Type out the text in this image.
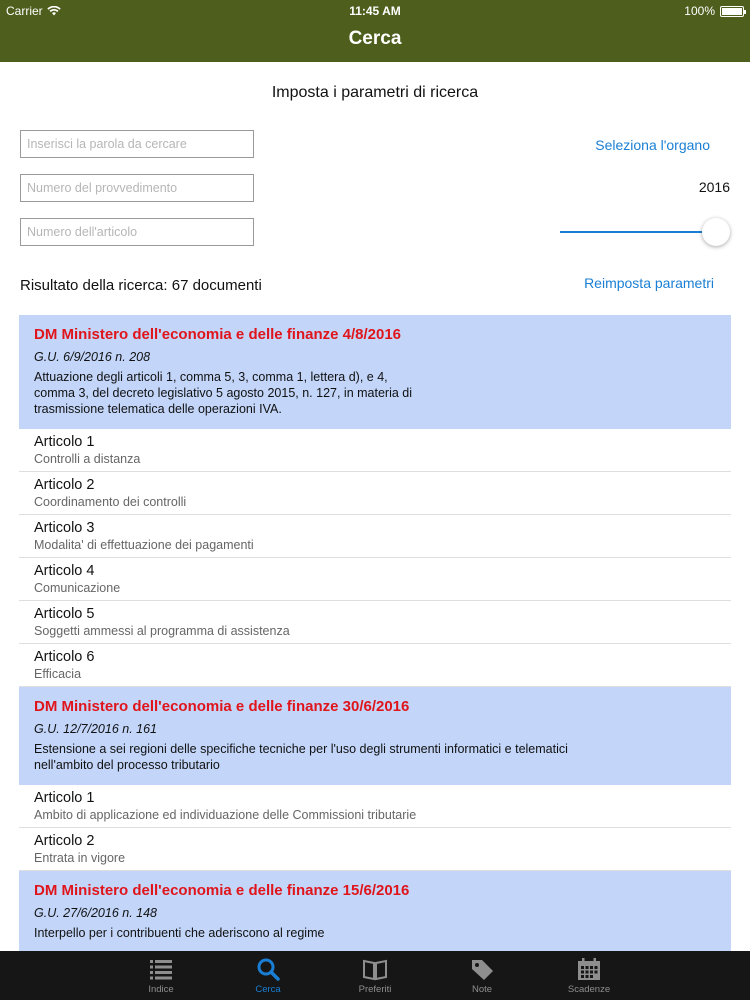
Carrier	11:45 AM	100%
Cerca
Imposta i parametri di ricerca
Inserisci la parola da cercare
Numero del provvedimento
Numero dell'articolo
Seleziona l'organo
2016
Risultato della ricerca: 67 documenti	Reimposta parametri
DM Ministero dell'economia e delle finanze 4/8/2016
G.U. 6/9/2016 n. 208
Attuazione degli articoli 1, comma 5, 3, comma 1, lettera d), e 4,
comma 3, del decreto legislativo 5 agosto 2015, n. 127, in materia di
trasmissione telematica delle operazioni IVA.
Articolo 1
Controlli a distanza
Articolo 2
Coordinamento dei controlli
Articolo 3
Modalita' di effettuazione dei pagamenti
Articolo 4
Comunicazione
Articolo 5
Soggetti ammessi al programma di assistenza
Articolo 6
Efficacia
DM Ministero dell'economia e delle finanze 30/6/2016
G.U. 12/7/2016 n. 161
Estensione a sei regioni delle specifiche tecniche per l'uso degli strumenti informatici e telematici
nell'ambito del processo tributario
Articolo 1
Ambito di applicazione ed individuazione delle Commissioni tributarie
Articolo 2
Entrata in vigore
DM Ministero dell'economia e delle finanze 15/6/2016
G.U. 27/6/2016 n. 148
Interpello per i contribuenti che aderiscono al regime
Indice	Cerca	Preferiti	Note	Scadenze
